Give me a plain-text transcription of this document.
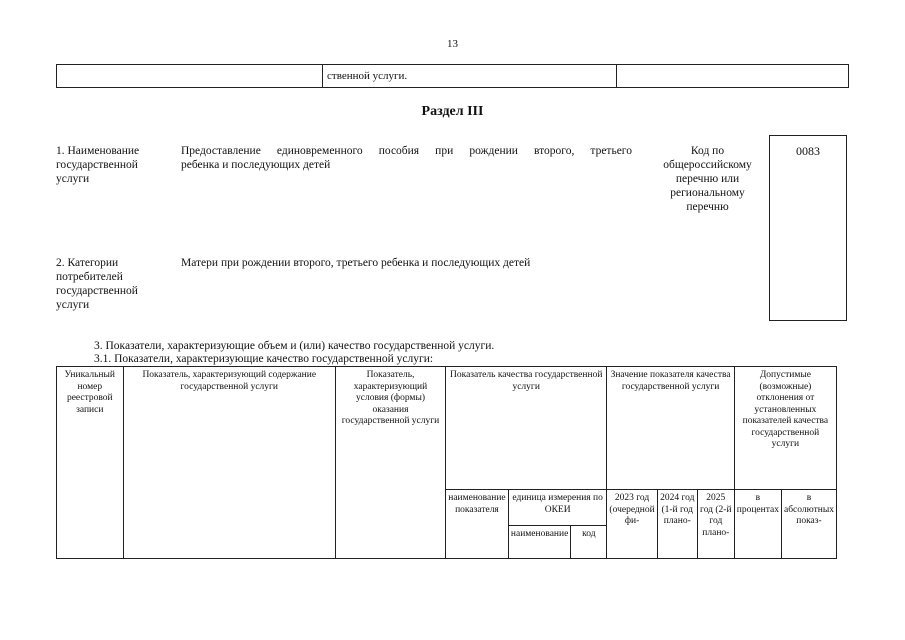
13
	ственной услуги.	
Раздел III
1. Наименование государственной услуги
Предоставление единовременного пособия при рождении второго, третьего
ребенка и последующих детей
Код по общероссийскому перечню или региональному перечню
0083
2. Категории потребителей государственной услуги
Матери при рождении второго, третьего ребенка и последующих детей
3. Показатели, характеризующие объем и (или) качество государственной услуги.
3.1. Показатели, характеризующие качество государственной услуги:
Уникальный номер реестровой записи	Показатель, характеризующий содержание государственной услуги	Показатель, характеризующий условия (формы) оказания государственной услуги	Показатель качества государственной услуги			Значение показателя качества государственной услуги			Допустимые (возможные) отклонения от установленных показателей качества государственной услуги	
			наименование показателя	единица измерения по ОКЕИ		2023 год (очередной фи-	2024 год (1-й год плано-	2025 год (2-й год плано-	в процентах	в абсолютных показ-
				наименование	код					
